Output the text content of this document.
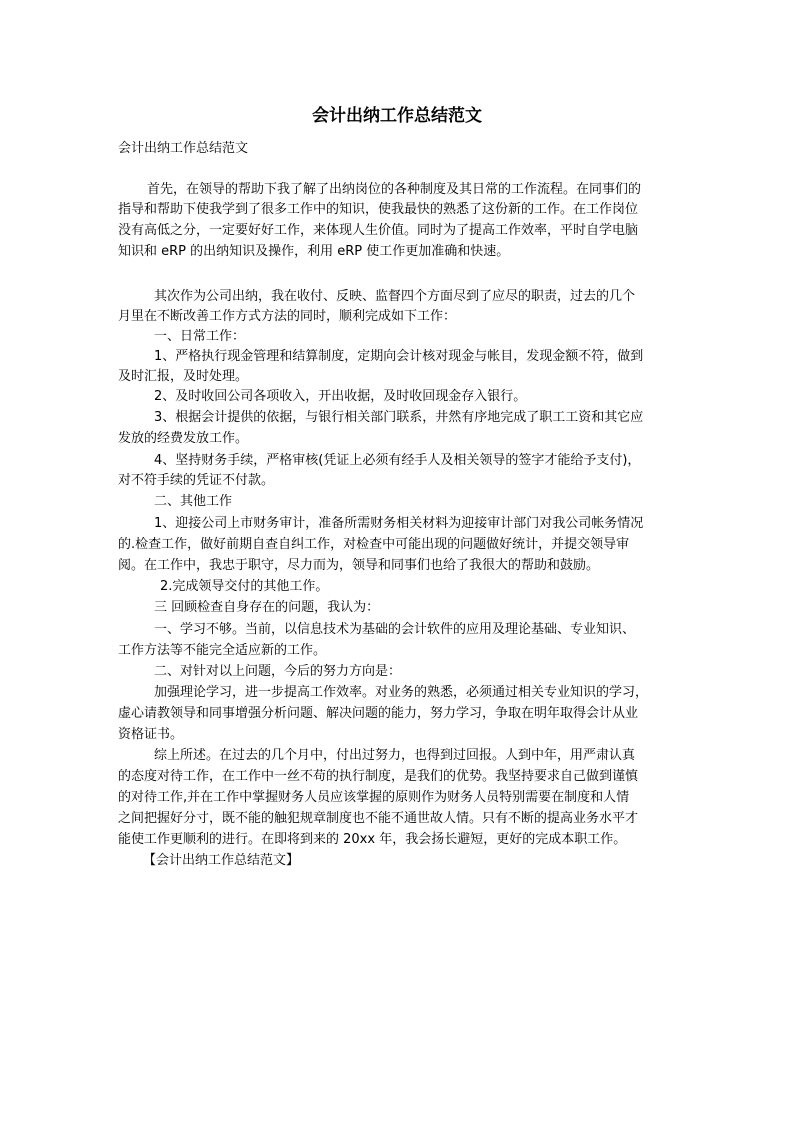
会计出纳工作总结范文
会计出纳工作总结范文
首先，在领导的帮助下我了解了出纳岗位的各种制度及其日常的工作流程。在同事们的
指导和帮助下使我学到了很多工作中的知识，使我最快的熟悉了这份新的工作。在工作岗位
没有高低之分，一定要好好工作，来体现人生价值。同时为了提高工作效率，平时自学电脑
知识和 eRP 的出纳知识及操作，利用 eRP 使工作更加准确和快速。
其次作为公司出纳，我在收付、反映、监督四个方面尽到了应尽的职责，过去的几个
月里在不断改善工作方式方法的同时，顺利完成如下工作：
一、日常工作：
1、严格执行现金管理和结算制度，定期向会计核对现金与帐目，发现金额不符，做到
及时汇报，及时处理。
2、及时收回公司各项收入，开出收据，及时收回现金存入银行。
3、根据会计提供的依据，与银行相关部门联系，井然有序地完成了职工工资和其它应
发放的经费发放工作。
4、坚持财务手续，严格审核(凭证上必须有经手人及相关领导的签字才能给予支付)，
对不符手续的凭证不付款。
二、其他工作
1、迎接公司上市财务审计，准备所需财务相关材料为迎接审计部门对我公司帐务情况
的.检查工作，做好前期自查自纠工作，对检查中可能出现的问题做好统计，并提交领导审
阅。在工作中，我忠于职守，尽力而为，领导和同事们也给了我很大的帮助和鼓励。
2.完成领导交付的其他工作。
三 回顾检查自身存在的问题，我认为：
一、学习不够。当前，以信息技术为基础的会计软件的应用及理论基础、专业知识、
工作方法等不能完全适应新的工作。
二、对针对以上问题，今后的努力方向是：
加强理论学习，进一步提高工作效率。对业务的熟悉，必须通过相关专业知识的学习，
虚心请教领导和同事增强分析问题、解决问题的能力，努力学习，争取在明年取得会计从业
资格证书。
综上所述。在过去的几个月中，付出过努力，也得到过回报。人到中年，用严肃认真
的态度对待工作，在工作中一丝不苟的执行制度，是我们的优势。我坚持要求自己做到谨慎
的对待工作,并在工作中掌握财务人员应该掌握的原则作为财务人员特别需要在制度和人情
之间把握好分寸，既不能的触犯规章制度也不能不通世故人情。只有不断的提高业务水平才
能使工作更顺利的进行。在即将到来的 20xx 年，我会扬长避短，更好的完成本职工作。
【会计出纳工作总结范文】
